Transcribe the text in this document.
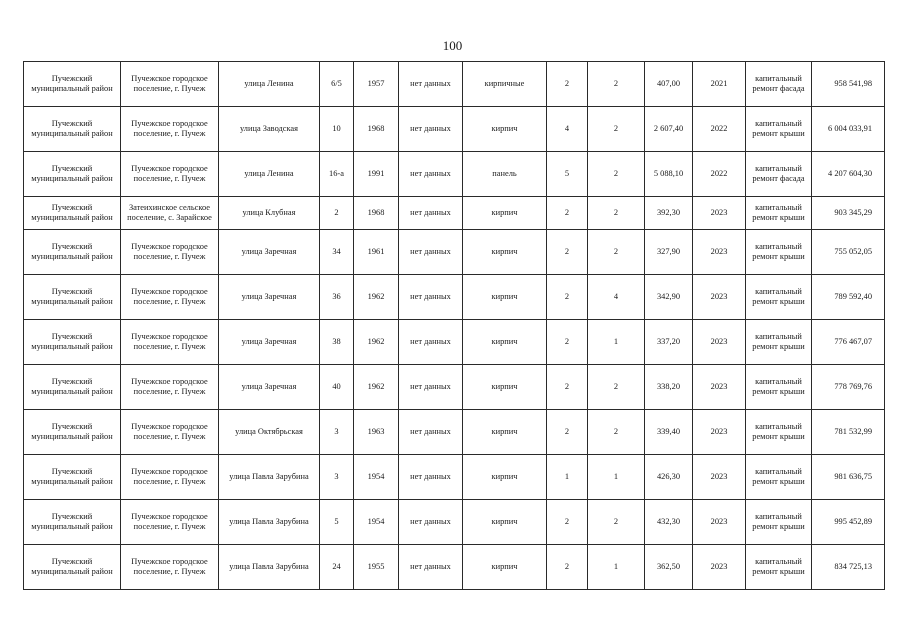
100
Пучежский муниципальный район	Пучежское городское поселение, г. Пучеж	улица Ленина	6/5	1957	нет данных	кирпичные	2	2	407,00	2021	капитальный ремонт фасада	958 541,98
Пучежский муниципальный район	Пучежское городское поселение, г. Пучеж	улица Заводская	10	1968	нет данных	кирпич	4	2	2 607,40	2022	капитальный ремонт крыши	6 004 033,91
Пучежский муниципальный район	Пучежское городское поселение, г. Пучеж	улица Ленина	16-а	1991	нет данных	панель	5	2	5 088,10	2022	капитальный ремонт фасада	4 207 604,30
Пучежский муниципальный район	Затеихинское сельское поселение, с. Зарайское	улица Клубная	2	1968	нет данных	кирпич	2	2	392,30	2023	капитальный ремонт крыши	903 345,29
Пучежский муниципальный район	Пучежское городское поселение, г. Пучеж	улица Заречная	34	1961	нет данных	кирпич	2	2	327,90	2023	капитальный ремонт крыши	755 052,05
Пучежский муниципальный район	Пучежское городское поселение, г. Пучеж	улица Заречная	36	1962	нет данных	кирпич	2	4	342,90	2023	капитальный ремонт крыши	789 592,40
Пучежский муниципальный район	Пучежское городское поселение, г. Пучеж	улица Заречная	38	1962	нет данных	кирпич	2	1	337,20	2023	капитальный ремонт крыши	776 467,07
Пучежский муниципальный район	Пучежское городское поселение, г. Пучеж	улица Заречная	40	1962	нет данных	кирпич	2	2	338,20	2023	капитальный ремонт крыши	778 769,76
Пучежский муниципальный район	Пучежское городское поселение, г. Пучеж	улица Октябрьская	3	1963	нет данных	кирпич	2	2	339,40	2023	капитальный ремонт крыши	781 532,99
Пучежский муниципальный район	Пучежское городское поселение, г. Пучеж	улица Павла Зарубина	3	1954	нет данных	кирпич	1	1	426,30	2023	капитальный ремонт крыши	981 636,75
Пучежский муниципальный район	Пучежское городское поселение, г. Пучеж	улица Павла Зарубина	5	1954	нет данных	кирпич	2	2	432,30	2023	капитальный ремонт крыши	995 452,89
Пучежский муниципальный район	Пучежское городское поселение, г. Пучеж	улица Павла Зарубина	24	1955	нет данных	кирпич	2	1	362,50	2023	капитальный ремонт крыши	834 725,13
